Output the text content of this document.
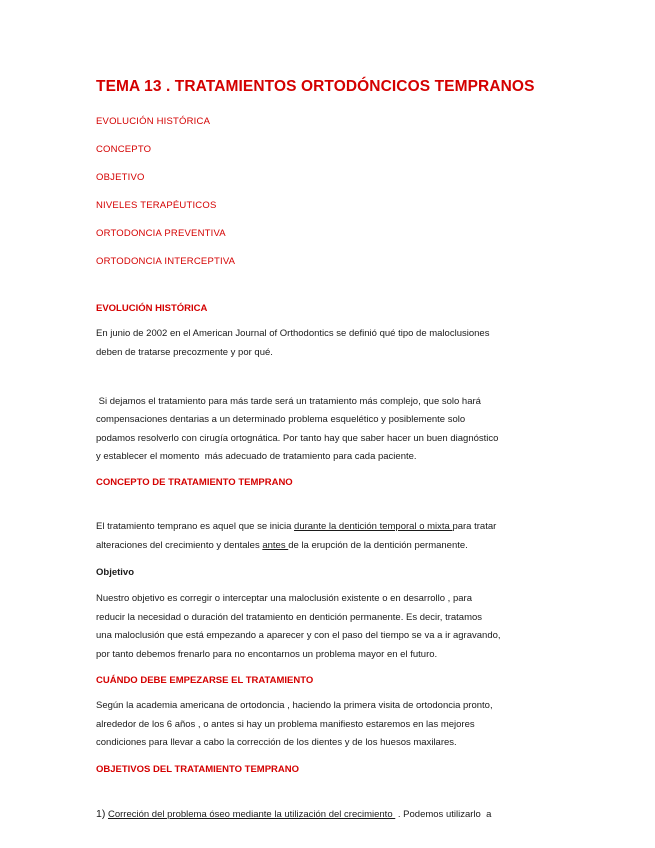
TEMA 13 . TRATAMIENTOS ORTODÓNCICOS TEMPRANOS
EVOLUCIÓN HISTÓRICA
CONCEPTO
OBJETIVO
NIVELES TERAPÉUTICOS
ORTODONCIA PREVENTIVA
ORTODONCIA INTERCEPTIVA
EVOLUCIÓN HISTÓRICA

En junio de 2002 en el American Journal of Orthodontics se definió qué tipo de maloclusiones
deben de tratarse precozmente y por qué.

Si dejamos el tratamiento para más tarde será un tratamiento más complejo, que solo hará
compensaciones dentarias a un determinado problema esquelético y posiblemente solo
podamos resolverlo con cirugía ortognática. Por tanto hay que saber hacer un buen diagnóstico
y establecer el momento  más adecuado de tratamiento para cada paciente.

CONCEPTO DE TRATAMIENTO TEMPRANO

El tratamiento temprano es aquel que se inicia durante la dentición temporal o mixta para tratar
alteraciones del crecimiento y dentales antes de la erupción de la dentición permanente.

Objetivo

Nuestro objetivo es corregir o interceptar una maloclusión existente o en desarrollo , para
reducir la necesidad o duración del tratamiento en dentición permanente. Es decir, tratamos
una maloclusión que está empezando a aparecer y con el paso del tiempo se va a ir agravando,
por tanto debemos frenarlo para no encontarnos un problema mayor en el futuro.

CUÁNDO DEBE EMPEZARSE EL TRATAMIENTO

Según la academia americana de ortodoncia , haciendo la primera visita de ortodoncia pronto,
alrededor de los 6 años , o antes si hay un problema manifiesto estaremos en las mejores
condiciones para llevar a cabo la corrección de los dientes y de los huesos maxilares.

OBJETIVOS DEL TRATAMIENTO TEMPRANO

1) Correción del problema óseo mediante la utilización del crecimiento  . Podemos utilizarlo  a
